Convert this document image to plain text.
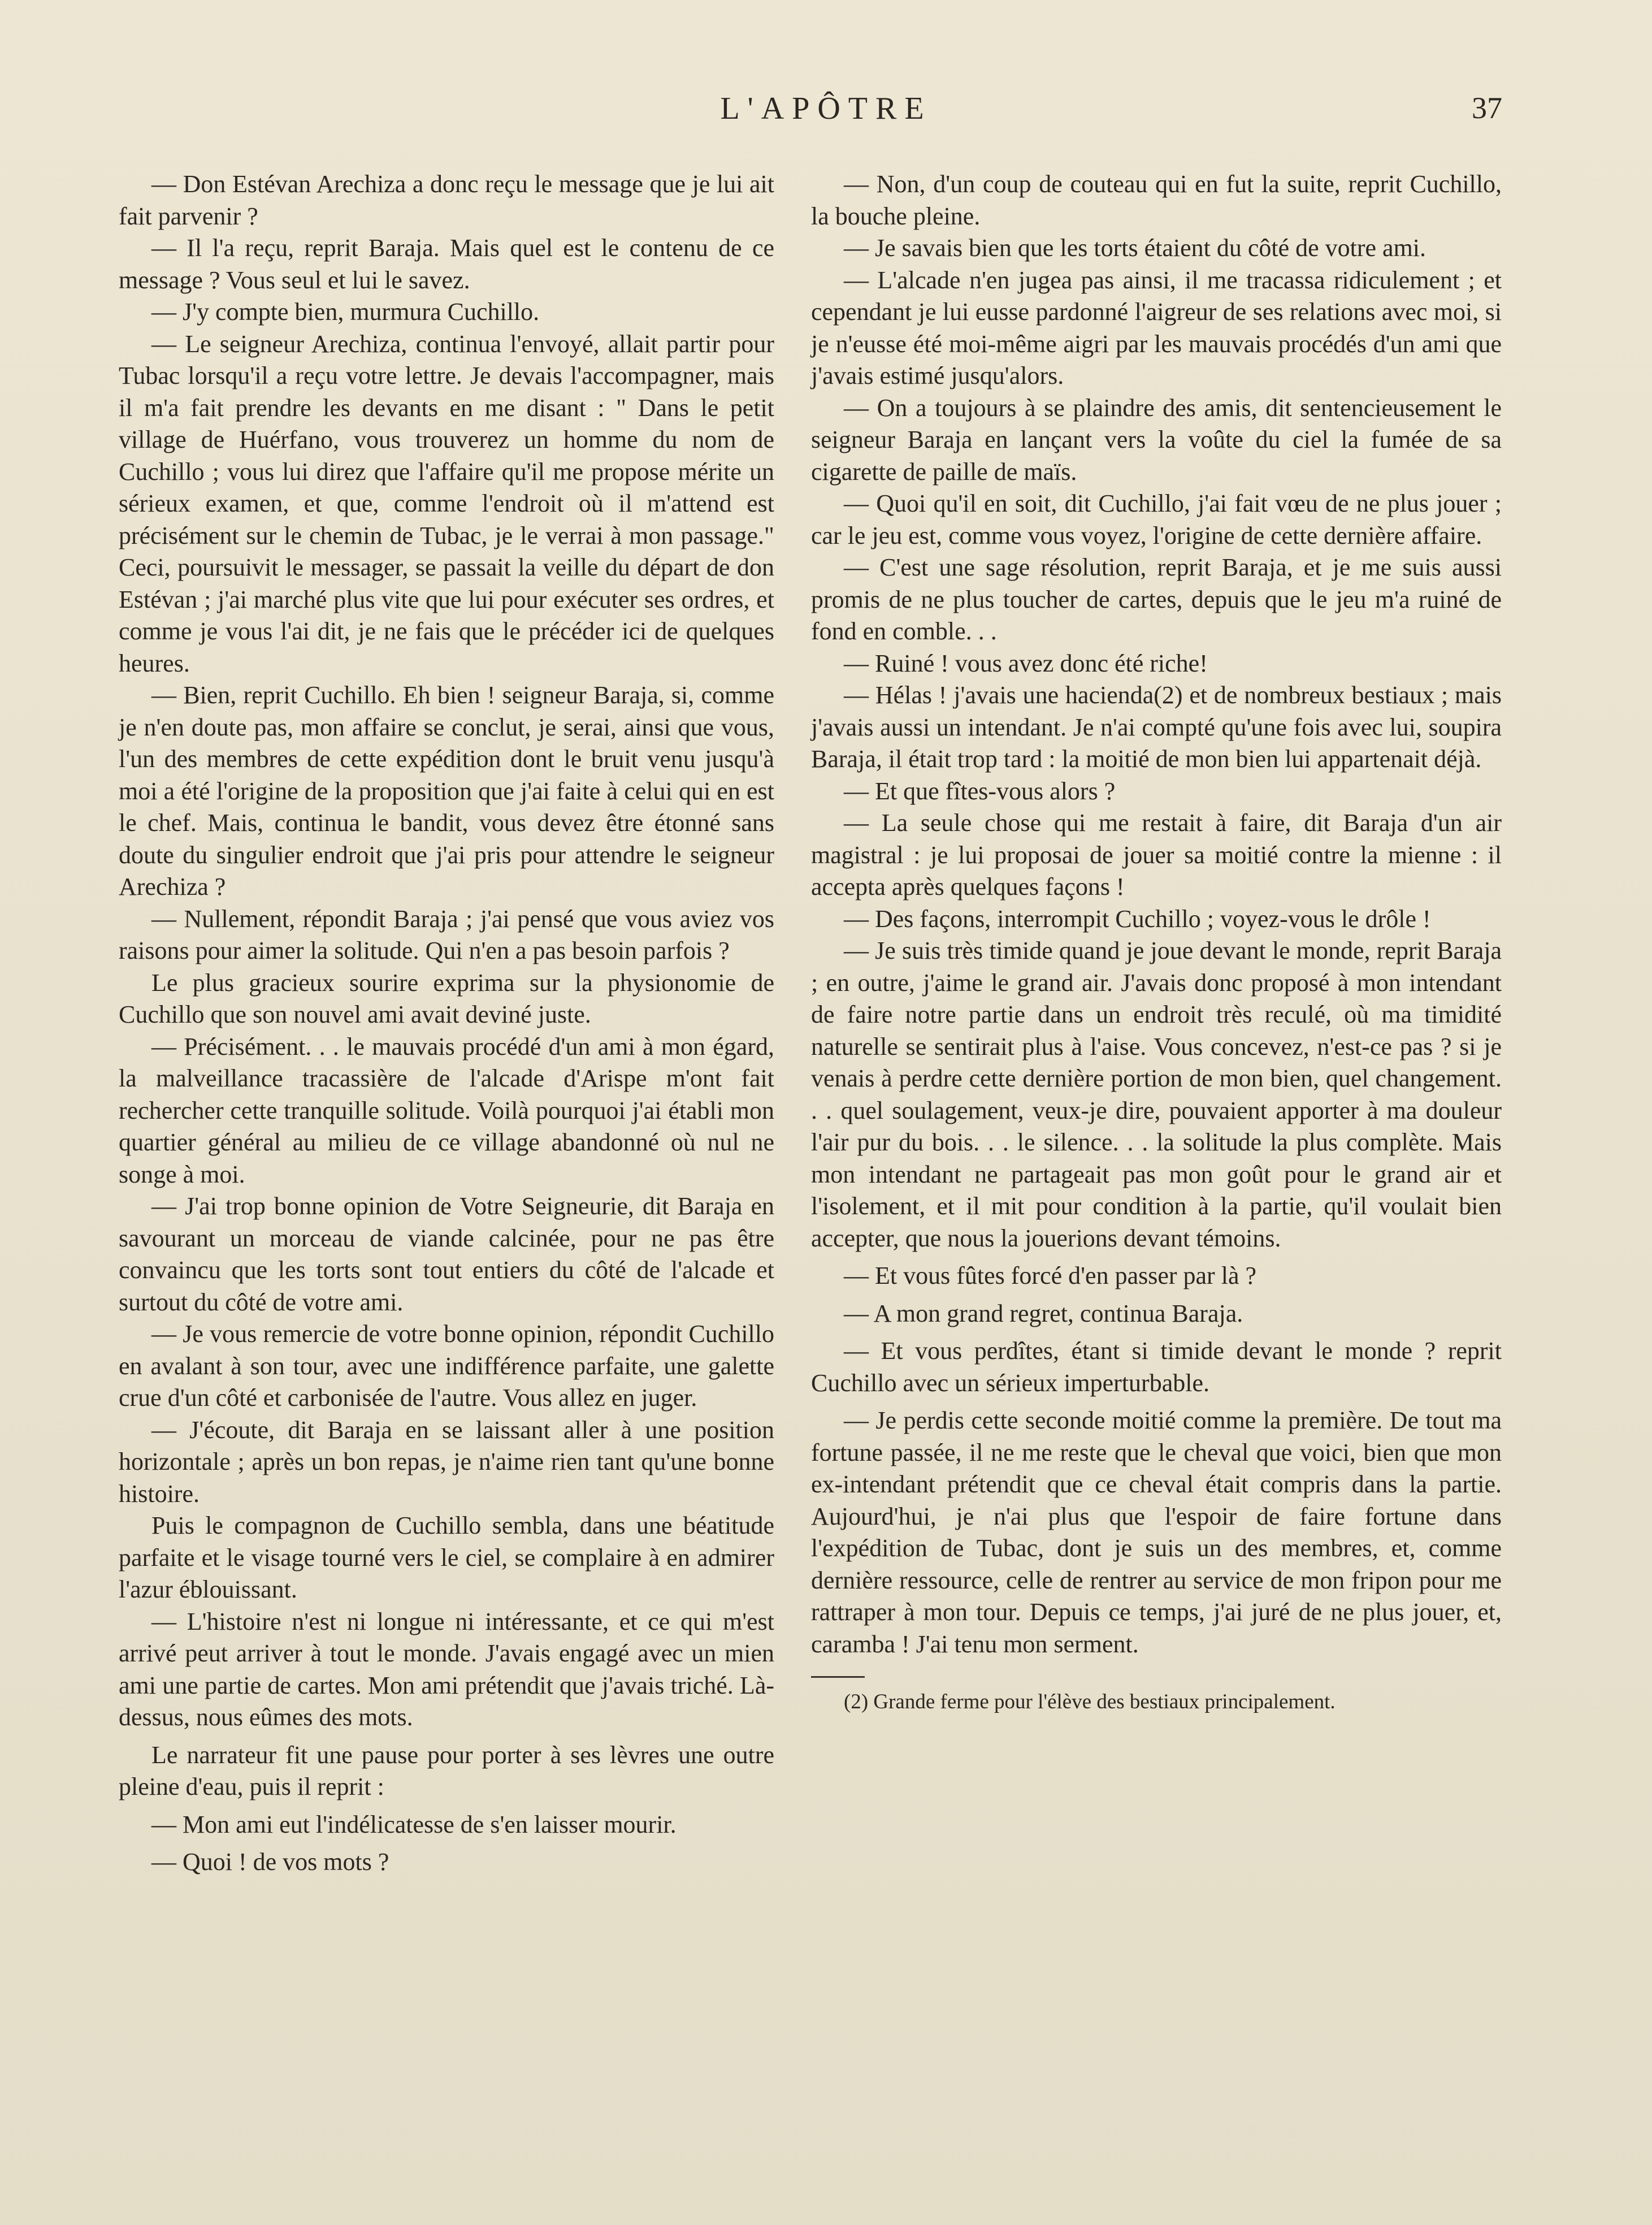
L'APÔTRE	37

— Don Estévan Arechiza a donc reçu le message que je lui ait fait parvenir ?

— Il l'a reçu, reprit Baraja. Mais quel est le contenu de ce message ? Vous seul et lui le savez.

— J'y compte bien, murmura Cuchillo.

— Le seigneur Arechiza, continua l'envoyé, allait partir pour Tubac lorsqu'il a reçu votre lettre. Je devais l'accompagner, mais il m'a fait prendre les devants en me disant : " Dans le petit village de Huérfano, vous trouverez un homme du nom de Cuchillo ; vous lui direz que l'affaire qu'il me propose mérite un sérieux examen, et que, comme l'endroit où il m'attend est précisément sur le chemin de Tubac, je le verrai à mon passage." Ceci, poursuivit le messager, se passait la veille du départ de don Estévan ; j'ai marché plus vite que lui pour exécuter ses ordres, et comme je vous l'ai dit, je ne fais que le précéder ici de quelques heures.

— Bien, reprit Cuchillo. Eh bien ! seigneur Baraja, si, comme je n'en doute pas, mon affaire se conclut, je serai, ainsi que vous, l'un des membres de cette expédition dont le bruit venu jusqu'à moi a été l'origine de la proposition que j'ai faite à celui qui en est le chef. Mais, continua le bandit, vous devez être étonné sans doute du singulier endroit que j'ai pris pour attendre le seigneur Arechiza ?

— Nullement, répondit Baraja ; j'ai pensé que vous aviez vos raisons pour aimer la solitude. Qui n'en a pas besoin parfois ?

Le plus gracieux sourire exprima sur la physionomie de Cuchillo que son nouvel ami avait deviné juste.

— Précisément. . . le mauvais procédé d'un ami à mon égard, la malveillance tracassière de l'alcade d'Arispe m'ont fait rechercher cette tranquille solitude. Voilà pourquoi j'ai établi mon quartier général au milieu de ce village abandonné où nul ne songe à moi.

— J'ai trop bonne opinion de Votre Seigneurie, dit Baraja en savourant un morceau de viande calcinée, pour ne pas être convaincu que les torts sont tout entiers du côté de l'alcade et surtout du côté de votre ami.

— Je vous remercie de votre bonne opinion, répondit Cuchillo en avalant à son tour, avec une indifférence parfaite, une galette crue d'un côté et carbonisée de l'autre. Vous allez en juger.

— J'écoute, dit Baraja en se laissant aller à une position horizontale ; après un bon repas, je n'aime rien tant qu'une bonne histoire.

Puis le compagnon de Cuchillo sembla, dans une béatitude parfaite et le visage tourné vers le ciel, se complaire à en admirer l'azur éblouissant.

— L'histoire n'est ni longue ni intéressante, et ce qui m'est arrivé peut arriver à tout le monde. J'avais engagé avec un mien ami une partie de cartes. Mon ami prétendit que j'avais triché. Là-dessus, nous eûmes des mots.

Le narrateur fit une pause pour porter à ses lèvres une outre pleine d'eau, puis il reprit :

— Mon ami eut l'indélicatesse de s'en laisser mourir.

— Quoi ! de vos mots ?

— Non, d'un coup de couteau qui en fut la suite, reprit Cuchillo, la bouche pleine.

— Je savais bien que les torts étaient du côté de votre ami.

— L'alcade n'en jugea pas ainsi, il me tracassa ridiculement ; et cependant je lui eusse pardonné l'aigreur de ses relations avec moi, si je n'eusse été moi-même aigri par les mauvais procédés d'un ami que j'avais estimé jusqu'alors.

— On a toujours à se plaindre des amis, dit sentencieusement le seigneur Baraja en lançant vers la voûte du ciel la fumée de sa cigarette de paille de maïs.

— Quoi qu'il en soit, dit Cuchillo, j'ai fait vœu de ne plus jouer ; car le jeu est, comme vous voyez, l'origine de cette dernière affaire.

— C'est une sage résolution, reprit Baraja, et je me suis aussi promis de ne plus toucher de cartes, depuis que le jeu m'a ruiné de fond en comble. . .

— Ruiné ! vous avez donc été riche!

— Hélas ! j'avais une hacienda(2) et de nombreux bestiaux ; mais j'avais aussi un intendant. Je n'ai compté qu'une fois avec lui, soupira Baraja, il était trop tard : la moitié de mon bien lui appartenait déjà.

— Et que fîtes-vous alors ?

— La seule chose qui me restait à faire, dit Baraja d'un air magistral : je lui proposai de jouer sa moitié contre la mienne : il accepta après quelques façons !

— Des façons, interrompit Cuchillo ; voyez-vous le drôle !

— Je suis très timide quand je joue devant le monde, reprit Baraja ; en outre, j'aime le grand air. J'avais donc proposé à mon intendant de faire notre partie dans un endroit très reculé, où ma timidité naturelle se sentirait plus à l'aise. Vous concevez, n'est-ce pas ? si je venais à perdre cette dernière portion de mon bien, quel changement. . . quel soulagement, veux-je dire, pouvaient apporter à ma douleur l'air pur du bois. . . le silence. . . la solitude la plus complète. Mais mon intendant ne partageait pas mon goût pour le grand air et l'isolement, et il mit pour condition à la partie, qu'il voulait bien accepter, que nous la jouerions devant témoins.

— Et vous fûtes forcé d'en passer par là ?

— A mon grand regret, continua Baraja.

— Et vous perdîtes, étant si timide devant le monde ? reprit Cuchillo avec un sérieux imperturbable.

— Je perdis cette seconde moitié comme la première. De tout ma fortune passée, il ne me reste que le cheval que voici, bien que mon ex-intendant prétendit que ce cheval était compris dans la partie. Aujourd'hui, je n'ai plus que l'espoir de faire fortune dans l'expédition de Tubac, dont je suis un des membres, et, comme dernière ressource, celle de rentrer au service de mon fripon pour me rattraper à mon tour. Depuis ce temps, j'ai juré de ne plus jouer, et, caramba ! J'ai tenu mon serment.

(2) Grande ferme pour l'élève des bestiaux principalement.
